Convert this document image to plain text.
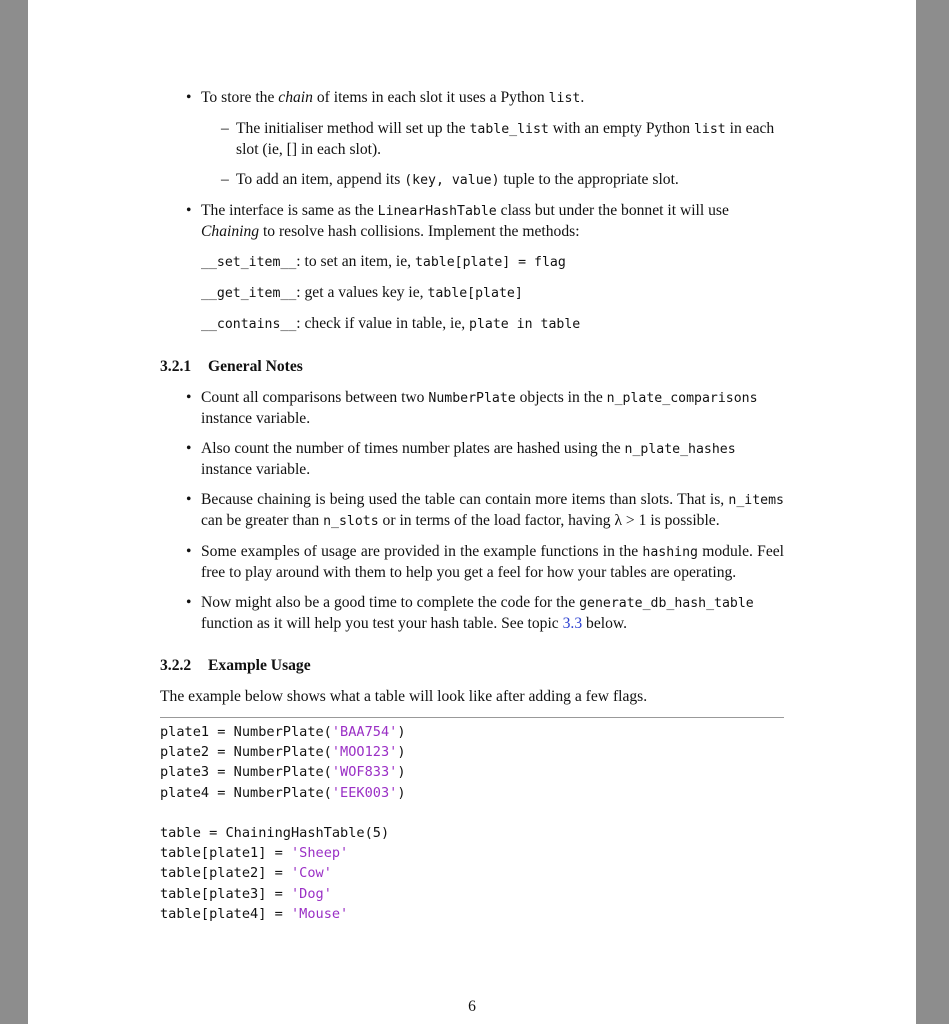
• To store the chain of items in each slot it uses a Python list.
– The initialiser method will set up the table_list with an empty Python list in each slot (ie, [] in each slot).
– To add an item, append its (key, value) tuple to the appropriate slot.
• The interface is same as the LinearHashTable class but under the bonnet it will use Chaining to resolve hash collisions. Implement the methods:
__set_item__: to set an item, ie, table[plate] = flag
__get_item__: get a values key ie, table[plate]
__contains__: check if value in table, ie, plate in table
3.2.1 General Notes
• Count all comparisons between two NumberPlate objects in the n_plate_comparisons instance variable.
• Also count the number of times number plates are hashed using the n_plate_hashes instance variable.
• Because chaining is being used the table can contain more items than slots. That is, n_items can be greater than n_slots or in terms of the load factor, having λ > 1 is possible.
• Some examples of usage are provided in the example functions in the hashing module. Feel free to play around with them to help you get a feel for how your tables are operating.
• Now might also be a good time to complete the code for the generate_db_hash_table function as it will help you test your hash table. See topic 3.3 below.
3.2.2 Example Usage

The example below shows what a table will look like after adding a few flags.

plate1 = NumberPlate('BAA754')
plate2 = NumberPlate('MOO123')
plate3 = NumberPlate('WOF833')
plate4 = NumberPlate('EEK003')

table = ChainingHashTable(5)
table[plate1] = 'Sheep'
table[plate2] = 'Cow'
table[plate3] = 'Dog'
table[plate4] = 'Mouse'
6
